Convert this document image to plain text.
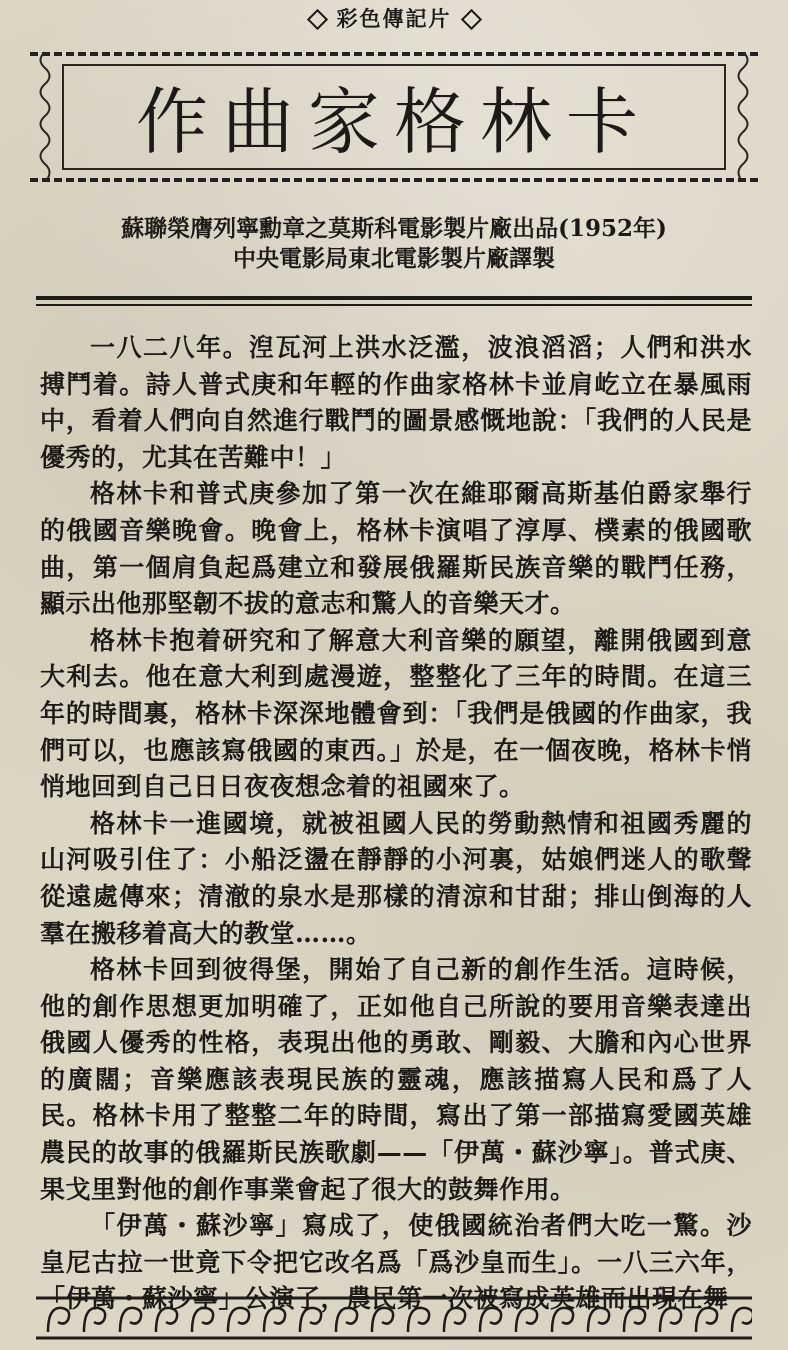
彩色傳記片
作曲家格林卡
蘇聯榮膺列寧勳章之莫斯科電影製片廠出品(1952年)
中央電影局東北電影製片廠譯製

一八二八年。湼瓦河上洪水泛濫，波浪滔滔；人們和洪水搏鬥着。詩人普式庚和年輕的作曲家格林卡並肩屹立在暴風雨中，看着人們向自然進行戰鬥的圖景感慨地說：「我們的人民是優秀的，尤其在苦難中！」

格林卡和普式庚參加了第一次在維耶爾高斯基伯爵家舉行的俄國音樂晚會。晚會上，格林卡演唱了淳厚、樸素的俄國歌曲，第一個肩負起爲建立和發展俄羅斯民族音樂的戰鬥任務，顯示出他那堅韌不拔的意志和驚人的音樂天才。

格林卡抱着研究和了解意大利音樂的願望，離開俄國到意大利去。他在意大利到處漫遊，整整化了三年的時間。在這三年的時間裏，格林卡深深地體會到：「我們是俄國的作曲家，我們可以，也應該寫俄國的東西。」於是，在一個夜晚，格林卡悄悄地回到自己日日夜夜想念着的祖國來了。

格林卡一進國境，就被祖國人民的勞動熱情和祖國秀麗的山河吸引住了：小船泛盪在靜靜的小河裏，姑娘們迷人的歌聲從遠處傳來；清澈的泉水是那樣的清涼和甘甜；排山倒海的人羣在搬移着高大的教堂……。

格林卡回到彼得堡，開始了自己新的創作生活。這時候，他的創作思想更加明確了，正如他自己所說的要用音樂表達出俄國人優秀的性格，表現出他的勇敢、剛毅、大膽和內心世界的廣闊；音樂應該表現民族的靈魂，應該描寫人民和爲了人民。格林卡用了整整二年的時間，寫出了第一部描寫愛國英雄農民的故事的俄羅斯民族歌劇——「伊萬・蘇沙寧」。普式庚、果戈里對他的創作事業會起了很大的鼓舞作用。

「伊萬・蘇沙寧」寫成了，使俄國統治者們大吃一驚。沙皇尼古拉一世竟下令把它改名爲「爲沙皇而生」。一八三六年，「伊萬・蘇沙寧」公演了，農民第一次被寫成英雄而出現在舞
